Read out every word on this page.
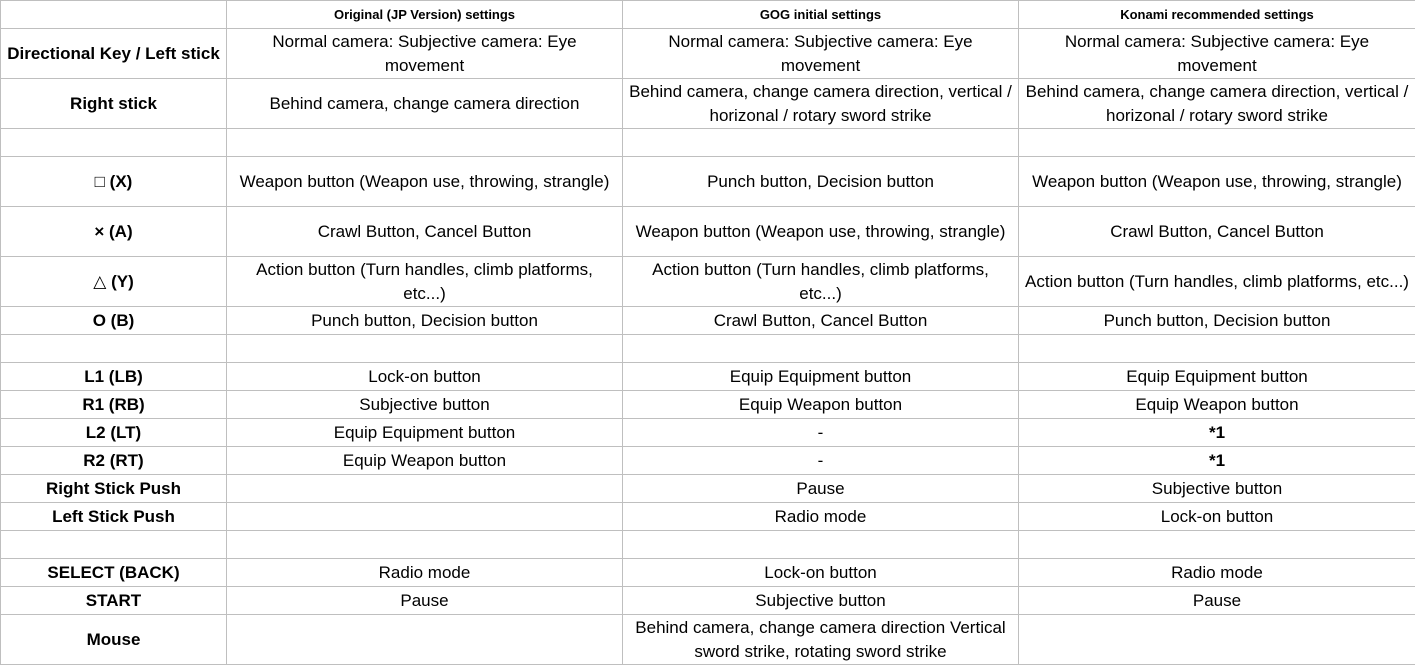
	Original (JP Version) settings	GOG initial settings	Konami recommended settings
Directional Key / Left stick	Normal camera: Subjective camera: Eye movement	Normal camera: Subjective camera: Eye movement	Normal camera: Subjective camera: Eye movement
Right stick	Behind camera, change camera direction	Behind camera, change camera direction, vertical / horizonal / rotary sword strike	Behind camera, change camera direction, vertical / horizonal / rotary sword strike

□ (X)	Weapon button (Weapon use, throwing, strangle)	Punch button, Decision button	Weapon button (Weapon use, throwing, strangle)
× (A)	Crawl Button, Cancel Button	Weapon button (Weapon use, throwing, strangle)	Crawl Button, Cancel Button
△ (Y)	Action button (Turn handles, climb platforms, etc...)	Action button (Turn handles, climb platforms, etc...)	Action button (Turn handles, climb platforms, etc...)
O (B)	Punch button, Decision button	Crawl Button, Cancel Button	Punch button, Decision button

L1 (LB)	Lock-on button	Equip Equipment button	Equip Equipment button
R1 (RB)	Subjective button	Equip Weapon button	Equip Weapon button
L2 (LT)	Equip Equipment button	-	*1
R2 (RT)	Equip Weapon button	-	*1
Right Stick Push		Pause	Subjective button
Left Stick Push		Radio mode	Lock-on button

SELECT (BACK)	Radio mode	Lock-on button	Radio mode
START	Pause	Subjective button	Pause
Mouse		Behind camera, change camera direction Vertical sword strike, rotating sword strike	
